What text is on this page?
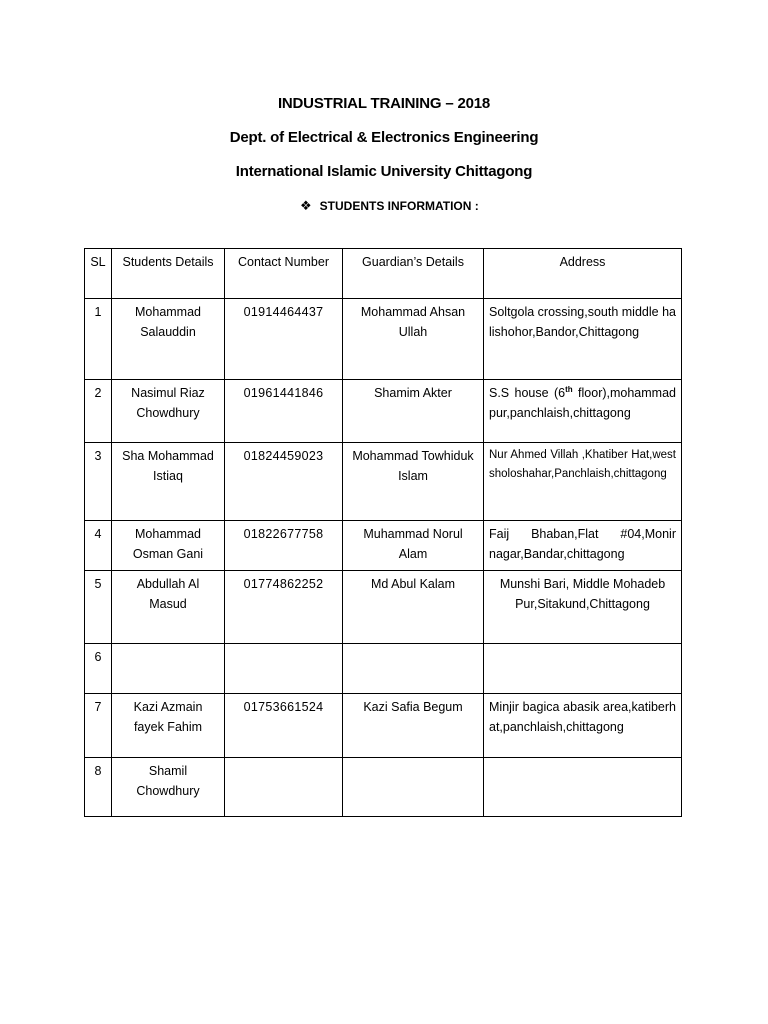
INDUSTRIAL TRAINING – 2018
Dept. of Electrical & Electronics Engineering
International Islamic University Chittagong
❖ STUDENTS INFORMATION :
SL	Students Details	Contact Number	Guardian’s Details	Address
1	Mohammad Salauddin	01914464437	Mohammad Ahsan Ullah	Soltgola crossing,south middle halishohor,Bandor,Chittagong
2	Nasimul Riaz Chowdhury	01961441846	Shamim Akter	S.S house (6th floor),mohammadpur,panchlaish,chittagong
3	Sha Mohammad Istiaq	01824459023	Mohammad Towhiduk Islam	Nur Ahmed Villah ,Khatiber Hat,west sholoshahar,Panchlaish,chittagong
4	Mohammad Osman Gani	01822677758	Muhammad Norul Alam	Faij Bhaban,Flat #04,Monir nagar,Bandar,chittagong
5	Abdullah Al Masud	01774862252	Md Abul Kalam	Munshi Bari, Middle Mohadeb Pur,Sitakund,Chittagong
6				
7	Kazi Azmain fayek Fahim	01753661524	Kazi Safia Begum	Minjir bagica abasik area,katiberhat,panchlaish,chittagong
8	Shamil Chowdhury			
